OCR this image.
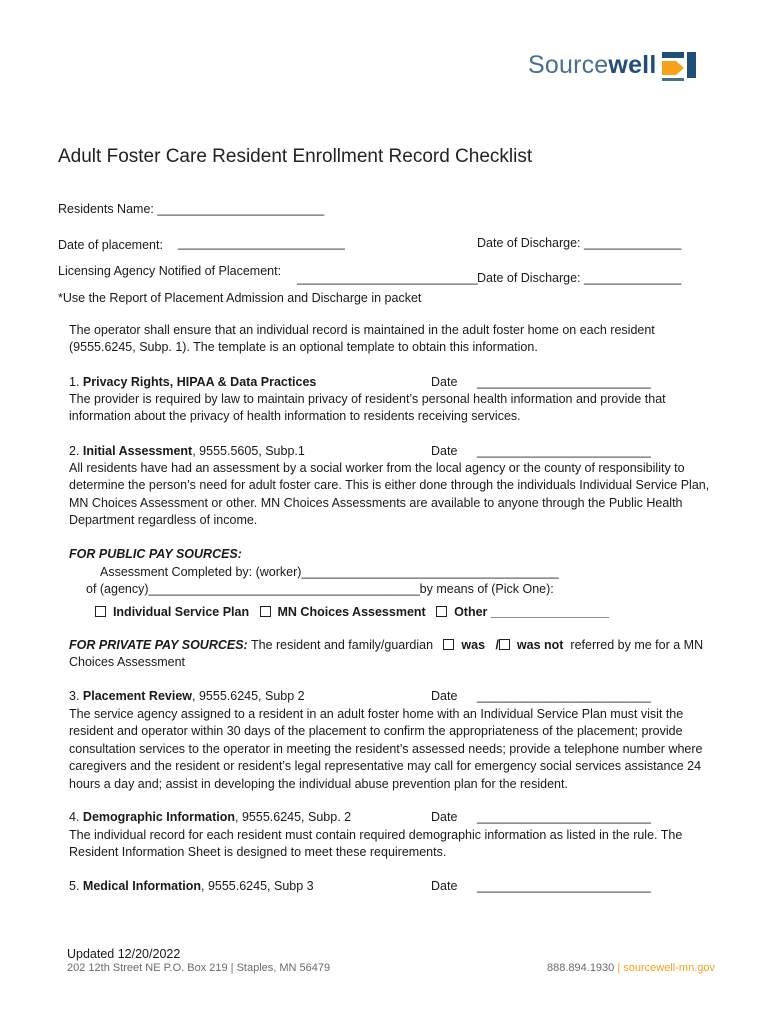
Sourcewell
Adult Foster Care Resident Enrollment Record Checklist
Residents Name: ________________________
Date of placement: ________________________	Date of Discharge: ______________
Licensing Agency Notified of Placement: __________________________ Date of Discharge: ______________
*Use the Report of Placement Admission and Discharge in packet
The operator shall ensure that an individual record is maintained in the adult foster home on each resident (9555.6245, Subp. 1). The template is an optional template to obtain this information.
1. Privacy Rights, HIPAA & Data Practices	Date _________________________
The provider is required by law to maintain privacy of resident’s personal health information and provide that information about the privacy of health information to residents receiving services.
2. Initial Assessment, 9555.5605, Subp.1	Date _________________________
All residents have had an assessment by a social worker from the local agency or the county of responsibility to determine the person’s need for adult foster care. This is either done through the individuals Individual Service Plan, MN Choices Assessment or other. MN Choices Assessments are available to anyone through the Public Health Department regardless of income.
FOR PUBLIC PAY SOURCES:
Assessment Completed by: (worker)_____________________________________
of (agency)_______________________________________by means of (Pick One):
Individual Service Plan MN Choices Assessment Other _________________
FOR PRIVATE PAY SOURCES: The resident and family/guardian was / was not referred by me for a MN
Choices Assessment
3. Placement Review, 9555.6245, Subp 2	Date _________________________
The service agency assigned to a resident in an adult foster home with an Individual Service Plan must visit the resident and operator within 30 days of the placement to confirm the appropriateness of the placement; provide consultation services to the operator in meeting the resident’s assessed needs; provide a telephone number where caregivers and the resident or resident’s legal representative may call for emergency social services assistance 24 hours a day and; assist in developing the individual abuse prevention plan for the resident.
4. Demographic Information, 9555.6245, Subp. 2	Date _________________________
The individual record for each resident must contain required demographic information as listed in the rule. The Resident Information Sheet is designed to meet these requirements.
5. Medical Information, 9555.6245, Subp 3	Date _________________________
Updated 12/20/2022
202 12th Street NE P.O. Box 219 | Staples, MN 56479	888.894.1930 | sourcewell-mn.gov
